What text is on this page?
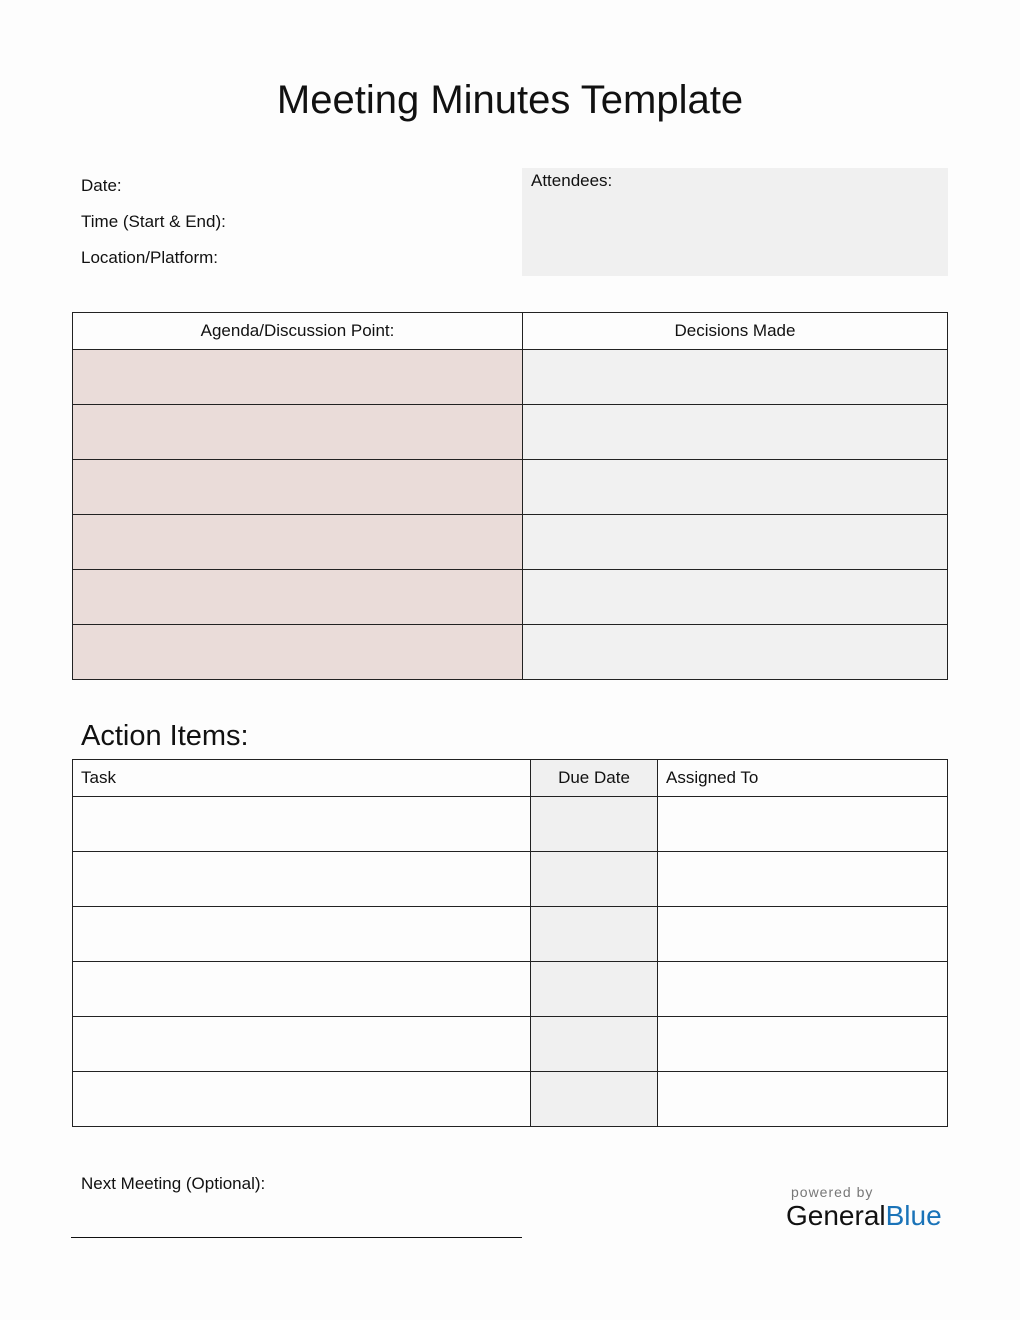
Meeting Minutes Template
Date:
Time (Start & End):
Location/Platform:
Attendees:
Agenda/Discussion Point:	Decisions Made

Action Items:
Task	Due Date	Assigned To

Next Meeting (Optional):	powered by
GeneralBlue
